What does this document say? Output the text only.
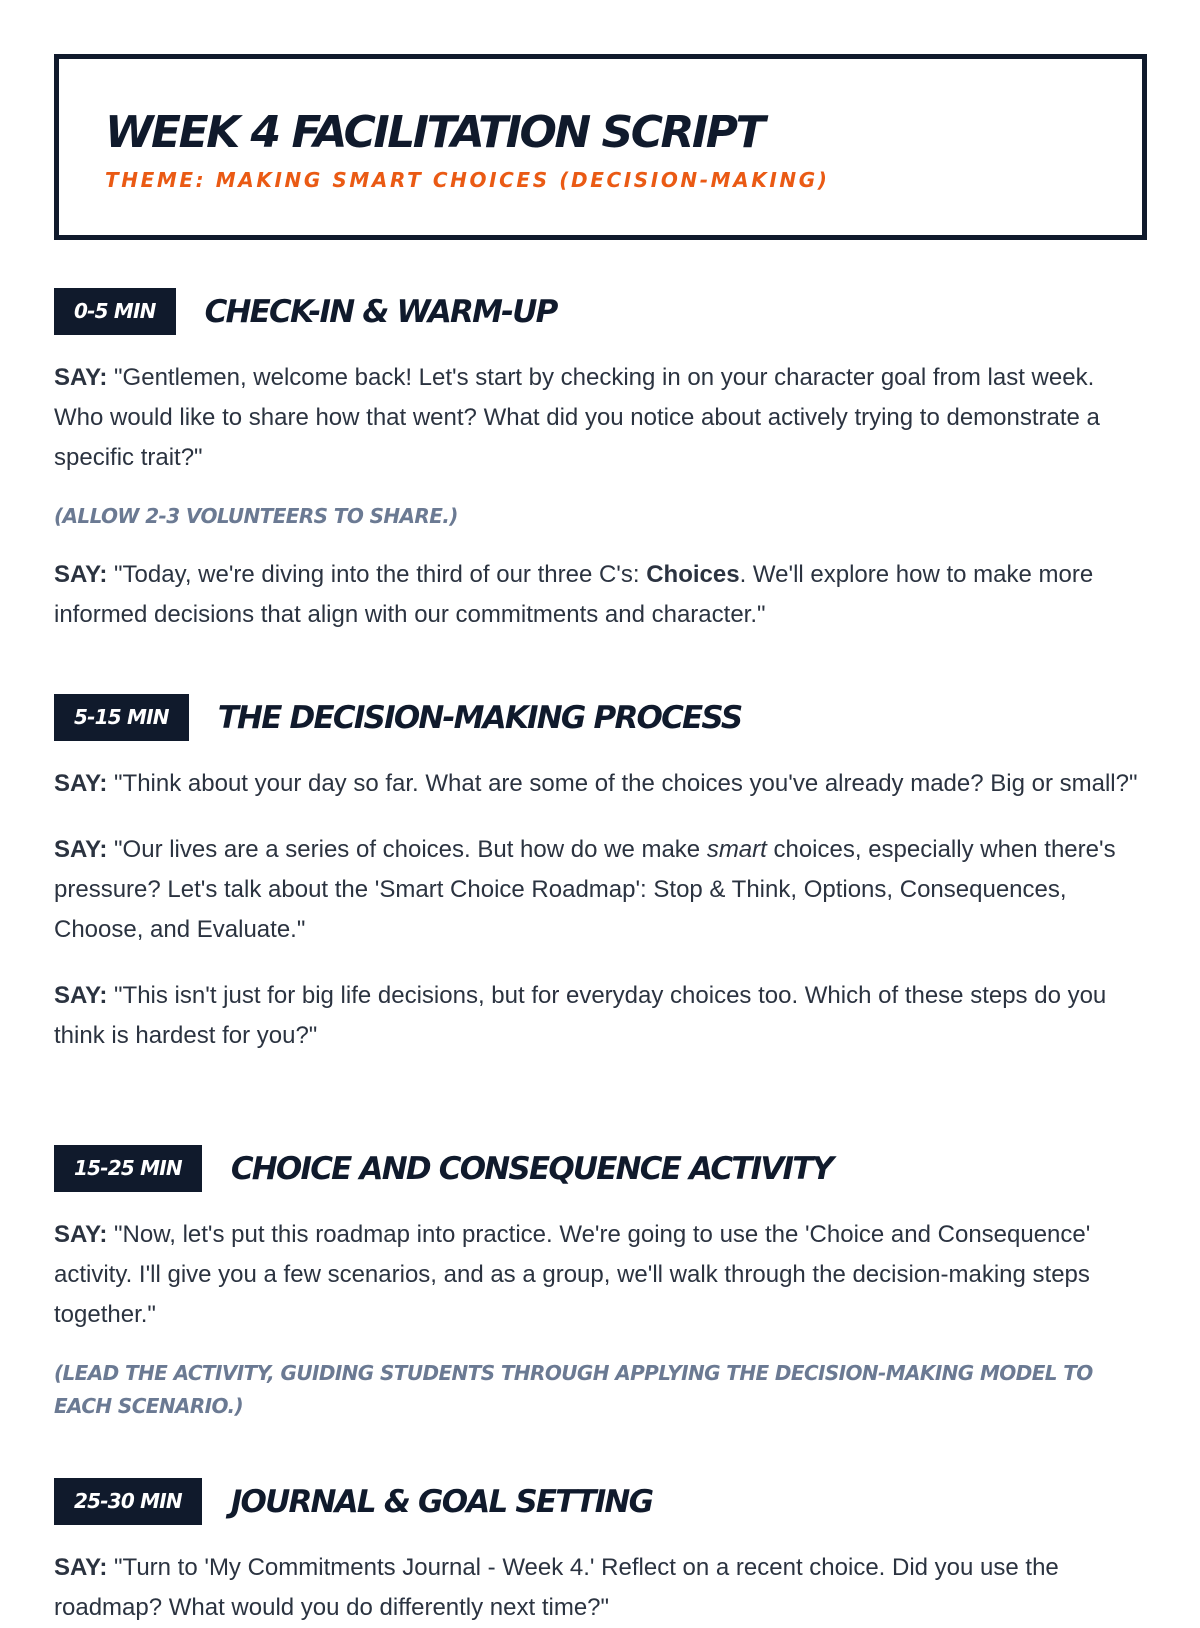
WEEK 4 FACILITATION SCRIPT
THEME: MAKING SMART CHOICES (DECISION-MAKING)
0-5 MIN	CHECK-IN & WARM-UP

SAY: "Gentlemen, welcome back! Let's start by checking in on your character goal from last week. Who would like to share how that went? What did you notice about actively trying to demonstrate a specific trait?"

(ALLOW 2-3 VOLUNTEERS TO SHARE.)

SAY: "Today, we're diving into the third of our three C's: Choices. We'll explore how to make more informed decisions that align with our commitments and character."

5-15 MIN	THE DECISION-MAKING PROCESS

SAY: "Think about your day so far. What are some of the choices you've already made? Big or small?"

SAY: "Our lives are a series of choices. But how do we make smart choices, especially when there's pressure? Let's talk about the 'Smart Choice Roadmap': Stop & Think, Options, Consequences, Choose, and Evaluate."

SAY: "This isn't just for big life decisions, but for everyday choices too. Which of these steps do you think is hardest for you?"

15-25 MIN	CHOICE AND CONSEQUENCE ACTIVITY

SAY: "Now, let's put this roadmap into practice. We're going to use the 'Choice and Consequence' activity. I'll give you a few scenarios, and as a group, we'll walk through the decision-making steps together."

(LEAD THE ACTIVITY, GUIDING STUDENTS THROUGH APPLYING THE DECISION-MAKING MODEL TO EACH SCENARIO.)

25-30 MIN	JOURNAL & GOAL SETTING

SAY: "Turn to 'My Commitments Journal - Week 4.' Reflect on a recent choice. Did you use the roadmap? What would you do differently next time?"
